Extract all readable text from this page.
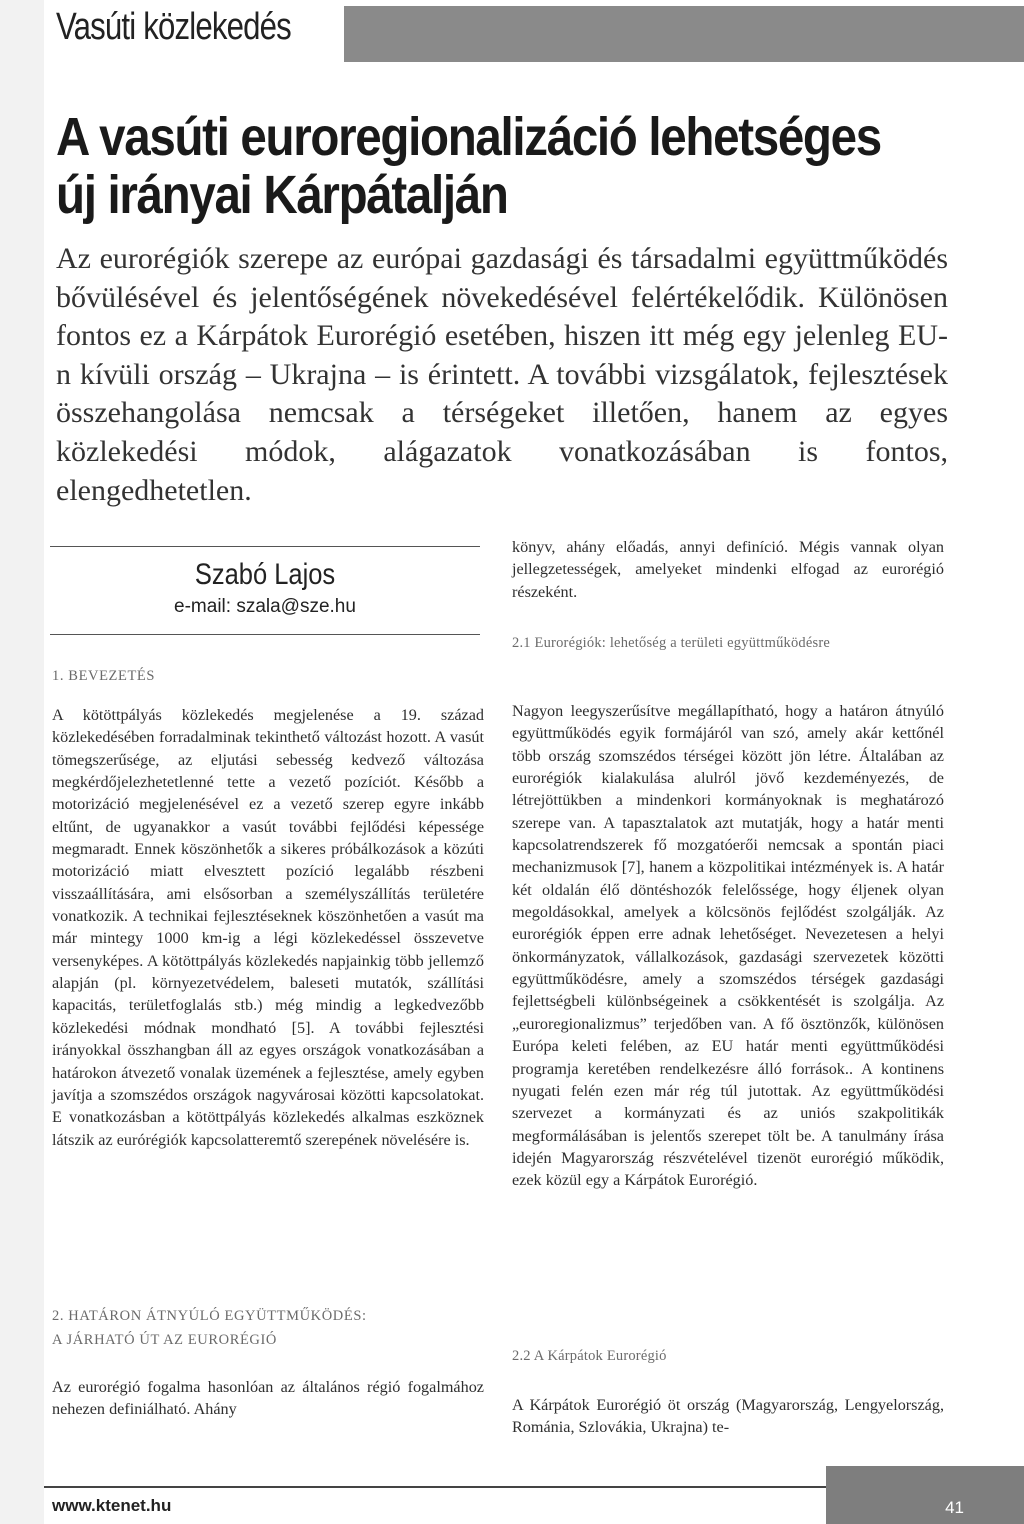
Vasúti közlekedés
A vasúti euroregionalizáció lehetséges
új irányai Kárpátalján

Az eurorégiók szerepe az európai gazdasági és társadalmi együttműködés bővülésével és jelentőségének növekedésével felértékelődik. Különösen fontos ez a Kárpátok Eurorégió esetében, hiszen itt még egy jelenleg EU-n kívüli ország – Ukrajna – is érintett. A további vizsgálatok, fejlesztések összehangolása nemcsak a térségeket illetően, hanem az egyes közlekedési módok, alágazatok vonatkozásában is fontos, elengedhetetlen.

Szabó Lajos
e-mail: szala@sze.hu
1. BEVEZETÉS

A kötöttpályás közlekedés megjelenése a 19. század közlekedésében forradalminak tekinthető változást hozott. A vasút tömegszerűsége, az eljutási sebesség kedvező változása megkérdőjelezhetetlenné tette a vezető pozíciót. Később a motorizáció megjelenésével ez a vezető szerep egyre inkább eltűnt, de ugyanakkor a vasút további fejlődési képessége megmaradt. Ennek köszönhetők a sikeres próbálkozások a közúti motorizáció miatt elvesztett pozíció legalább részbeni visszaállítására, ami elsősorban a személyszállítás területére vonatkozik. A technikai fejlesztéseknek köszönhetően a vasút ma már mintegy 1000 km-ig a légi közlekedéssel összevetve versenyképes. A kötöttpályás közlekedés napjainkig több jellemző alapján (pl. környezetvédelem, baleseti mutatók, szállítási kapacitás, területfoglalás stb.) még mindig a legkedvezőbb közlekedési módnak mondható [5]. A további fejlesztési irányokkal összhangban áll az egyes országok vonatkozásában a határokon átvezető vonalak üzemének a fejlesztése, amely egyben javítja a szomszédos országok nagyvárosai közötti kapcsolatokat. E vonatkozásban a kötöttpályás közlekedés alkalmas eszköznek látszik az eurórégiók kapcsolatteremtő szerepének növelésére is.

2. HATÁRON ÁTNYÚLÓ EGYÜTTMŰKÖDÉS:
A JÁRHATÓ ÚT AZ EURORÉGIÓ

Az eurorégió fogalma hasonlóan az általános régió fogalmához nehezen definiálható. Ahány

könyv, ahány előadás, annyi definíció. Mégis vannak olyan jellegzetességek, amelyeket mindenki elfogad az eurorégió részeként.

2.1 Eurorégiók: lehetőség a területi együttműködésre

Nagyon leegyszerűsítve megállapítható, hogy a határon átnyúló együttműködés egyik formájáról van szó, amely akár kettőnél több ország szomszédos térségei között jön létre. Általában az eurorégiók kialakulása alulról jövő kezdeményezés, de létrejöttükben a mindenkori kormányoknak is meghatározó szerepe van. A tapasztalatok azt mutatják, hogy a határ menti kapcsolatrendszerek fő mozgatóerői nemcsak a spontán piaci mechanizmusok [7], hanem a közpolitikai intézmények is. A határ két oldalán élő döntéshozók felelőssége, hogy éljenek olyan megoldásokkal, amelyek a kölcsönös fejlődést szolgálják. Az eurorégiók éppen erre adnak lehetőséget. Nevezetesen a helyi önkormányzatok, vállalkozások, gazdasági szervezetek közötti együttműködésre, amely a szomszédos térségek gazdasági fejlettségbeli különbségeinek a csökkentését is szolgálja. Az „euroregionalizmus” terjedőben van. A fő ösztönzők, különösen Európa keleti felében, az EU határ menti együttműködési programja keretében rendelkezésre álló források.. A kontinens nyugati felén ezen már rég túl jutottak. Az együttműködési szervezet a kormányzati és az uniós szakpolitikák megformálásában is jelentős szerepet tölt be. A tanulmány írása idején Magyarország részvételével tizenöt eurorégió működik, ezek közül egy a Kárpátok Eurorégió.

2.2 A Kárpátok Eurorégió

A Kárpátok Eurorégió öt ország (Magyarország, Lengyelország, Románia, Szlovákia, Ukrajna) te-

www.ktenet.hu	41
